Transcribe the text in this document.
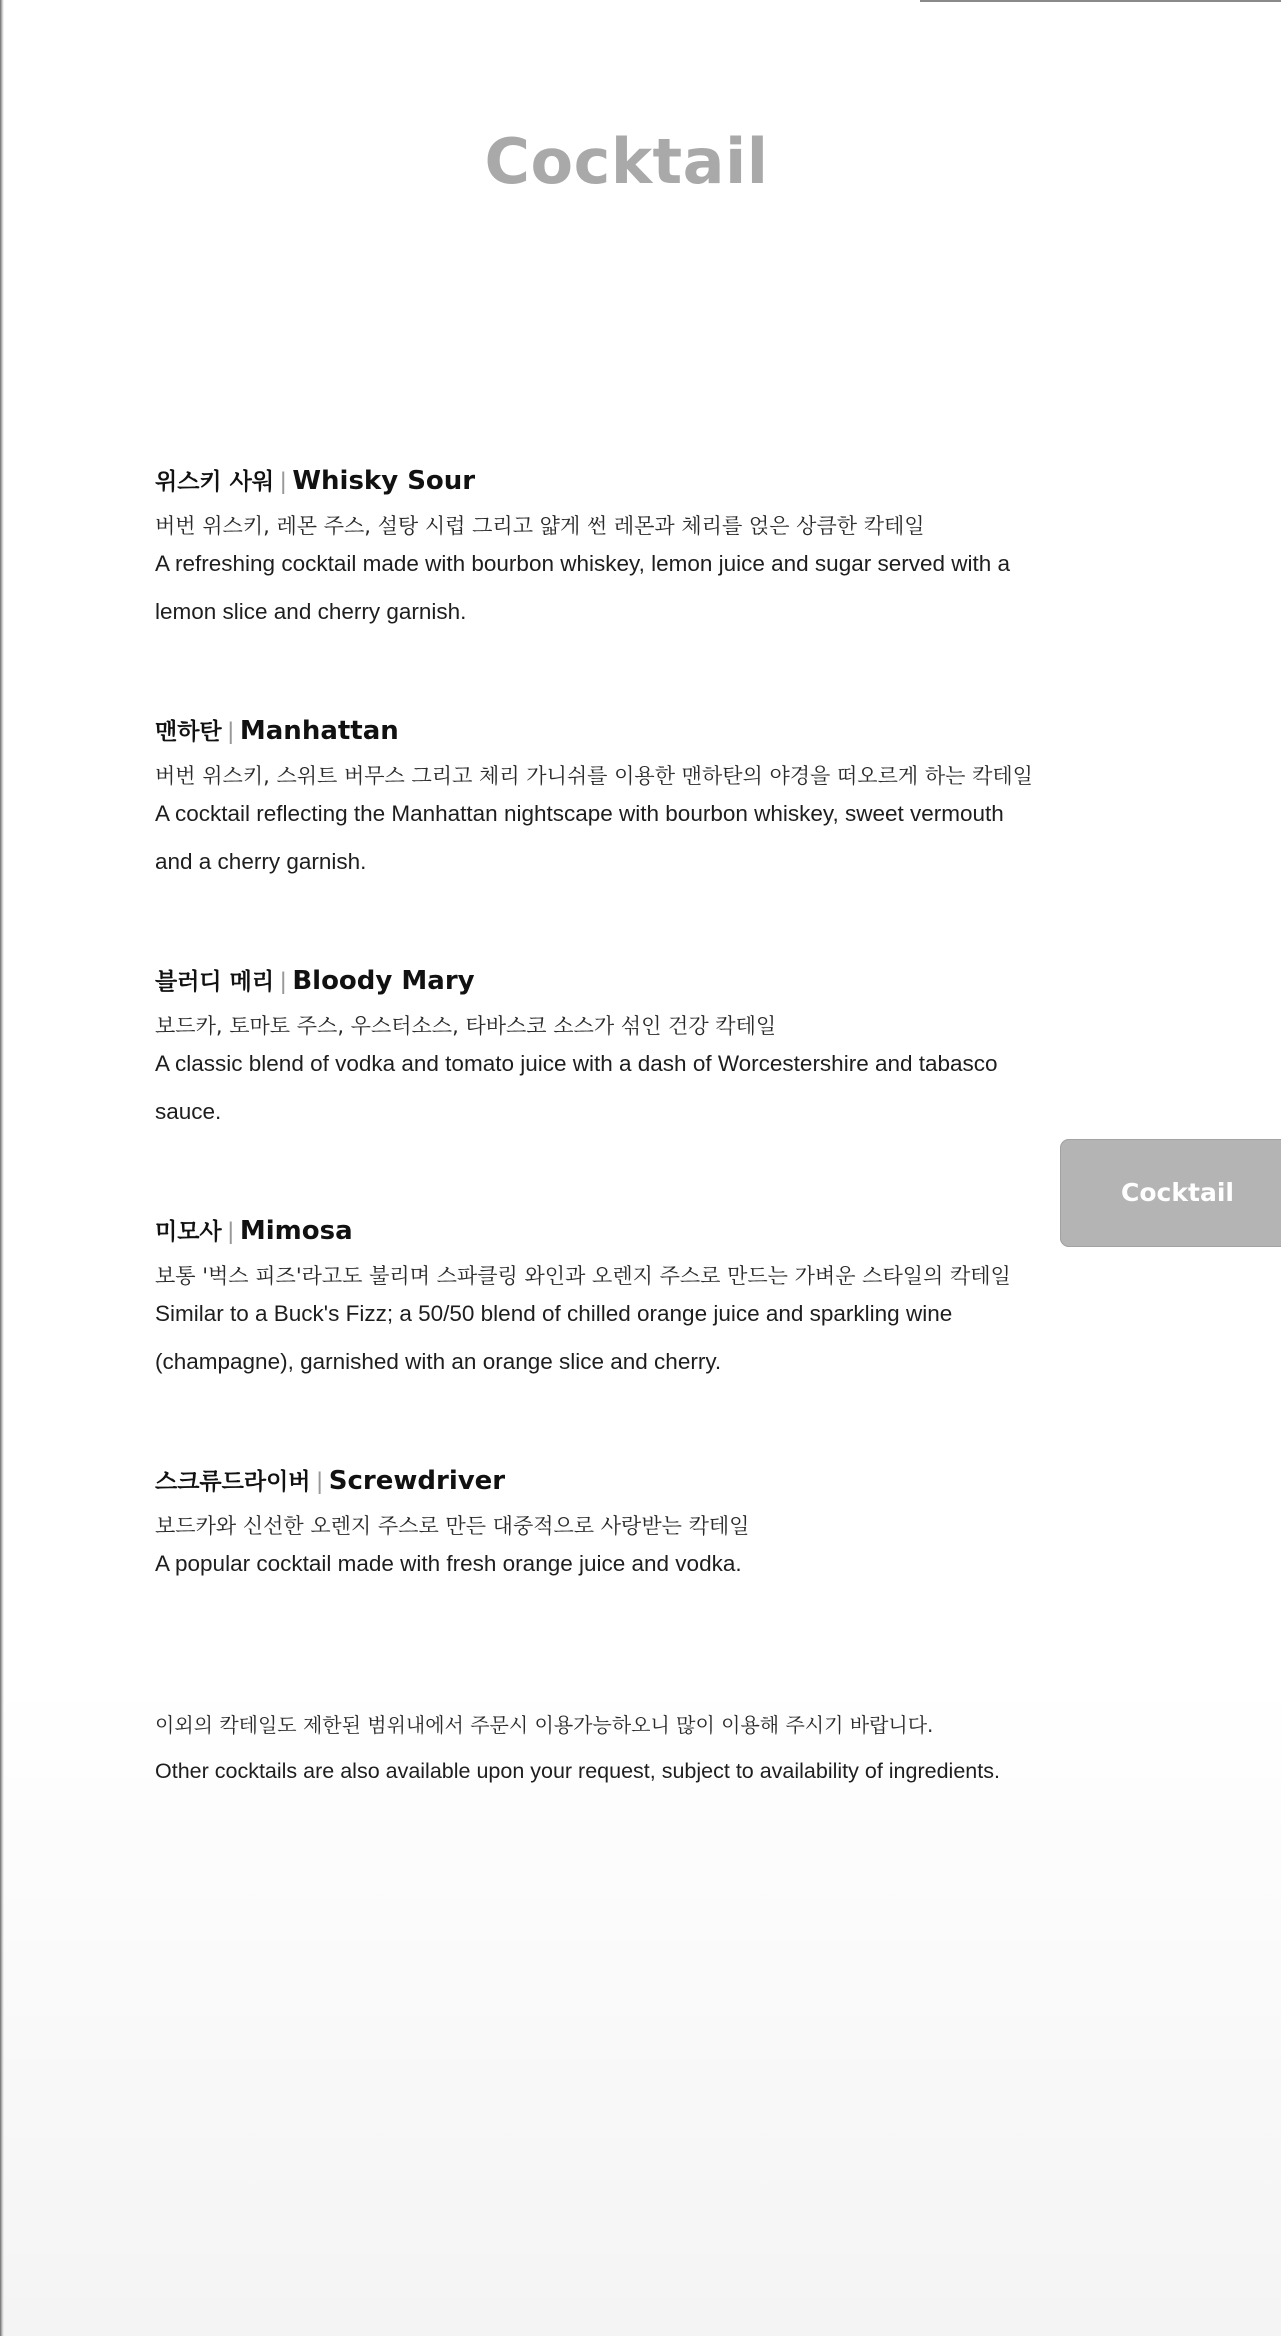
Cocktail
위스키 사워 | Whisky Sour
버번 위스키, 레몬 주스, 설탕 시럽 그리고 얇게 썬 레몬과 체리를 얹은 상큼한 칵테일
A refreshing cocktail made with bourbon whiskey, lemon juice and sugar served with a lemon slice and cherry garnish.
맨하탄 | Manhattan
버번 위스키, 스위트 버무스 그리고 체리 가니쉬를 이용한 맨하탄의 야경을 떠오르게 하는 칵테일
A cocktail reflecting the Manhattan nightscape with bourbon whiskey, sweet vermouth and a cherry garnish.
블러디 메리 | Bloody Mary
보드카, 토마토 주스, 우스터소스, 타바스코 소스가 섞인 건강 칵테일
A classic blend of vodka and tomato juice with a dash of Worcestershire and tabasco sauce.
미모사 | Mimosa
보통 '벅스 피즈'라고도 불리며 스파클링 와인과 오렌지 주스로 만드는 가벼운 스타일의 칵테일
Similar to a Buck's Fizz; a 50/50 blend of chilled orange juice and sparkling wine (champagne), garnished with an orange slice and cherry.
스크류드라이버 | Screwdriver
보드카와 신선한 오렌지 주스로 만든 대중적으로 사랑받는 칵테일
A popular cocktail made with fresh orange juice and vodka.
이외의 칵테일도 제한된 범위내에서 주문시 이용가능하오니 많이 이용해 주시기 바랍니다.
Other cocktails are also available upon your request, subject to availability of ingredients.
Cocktail
